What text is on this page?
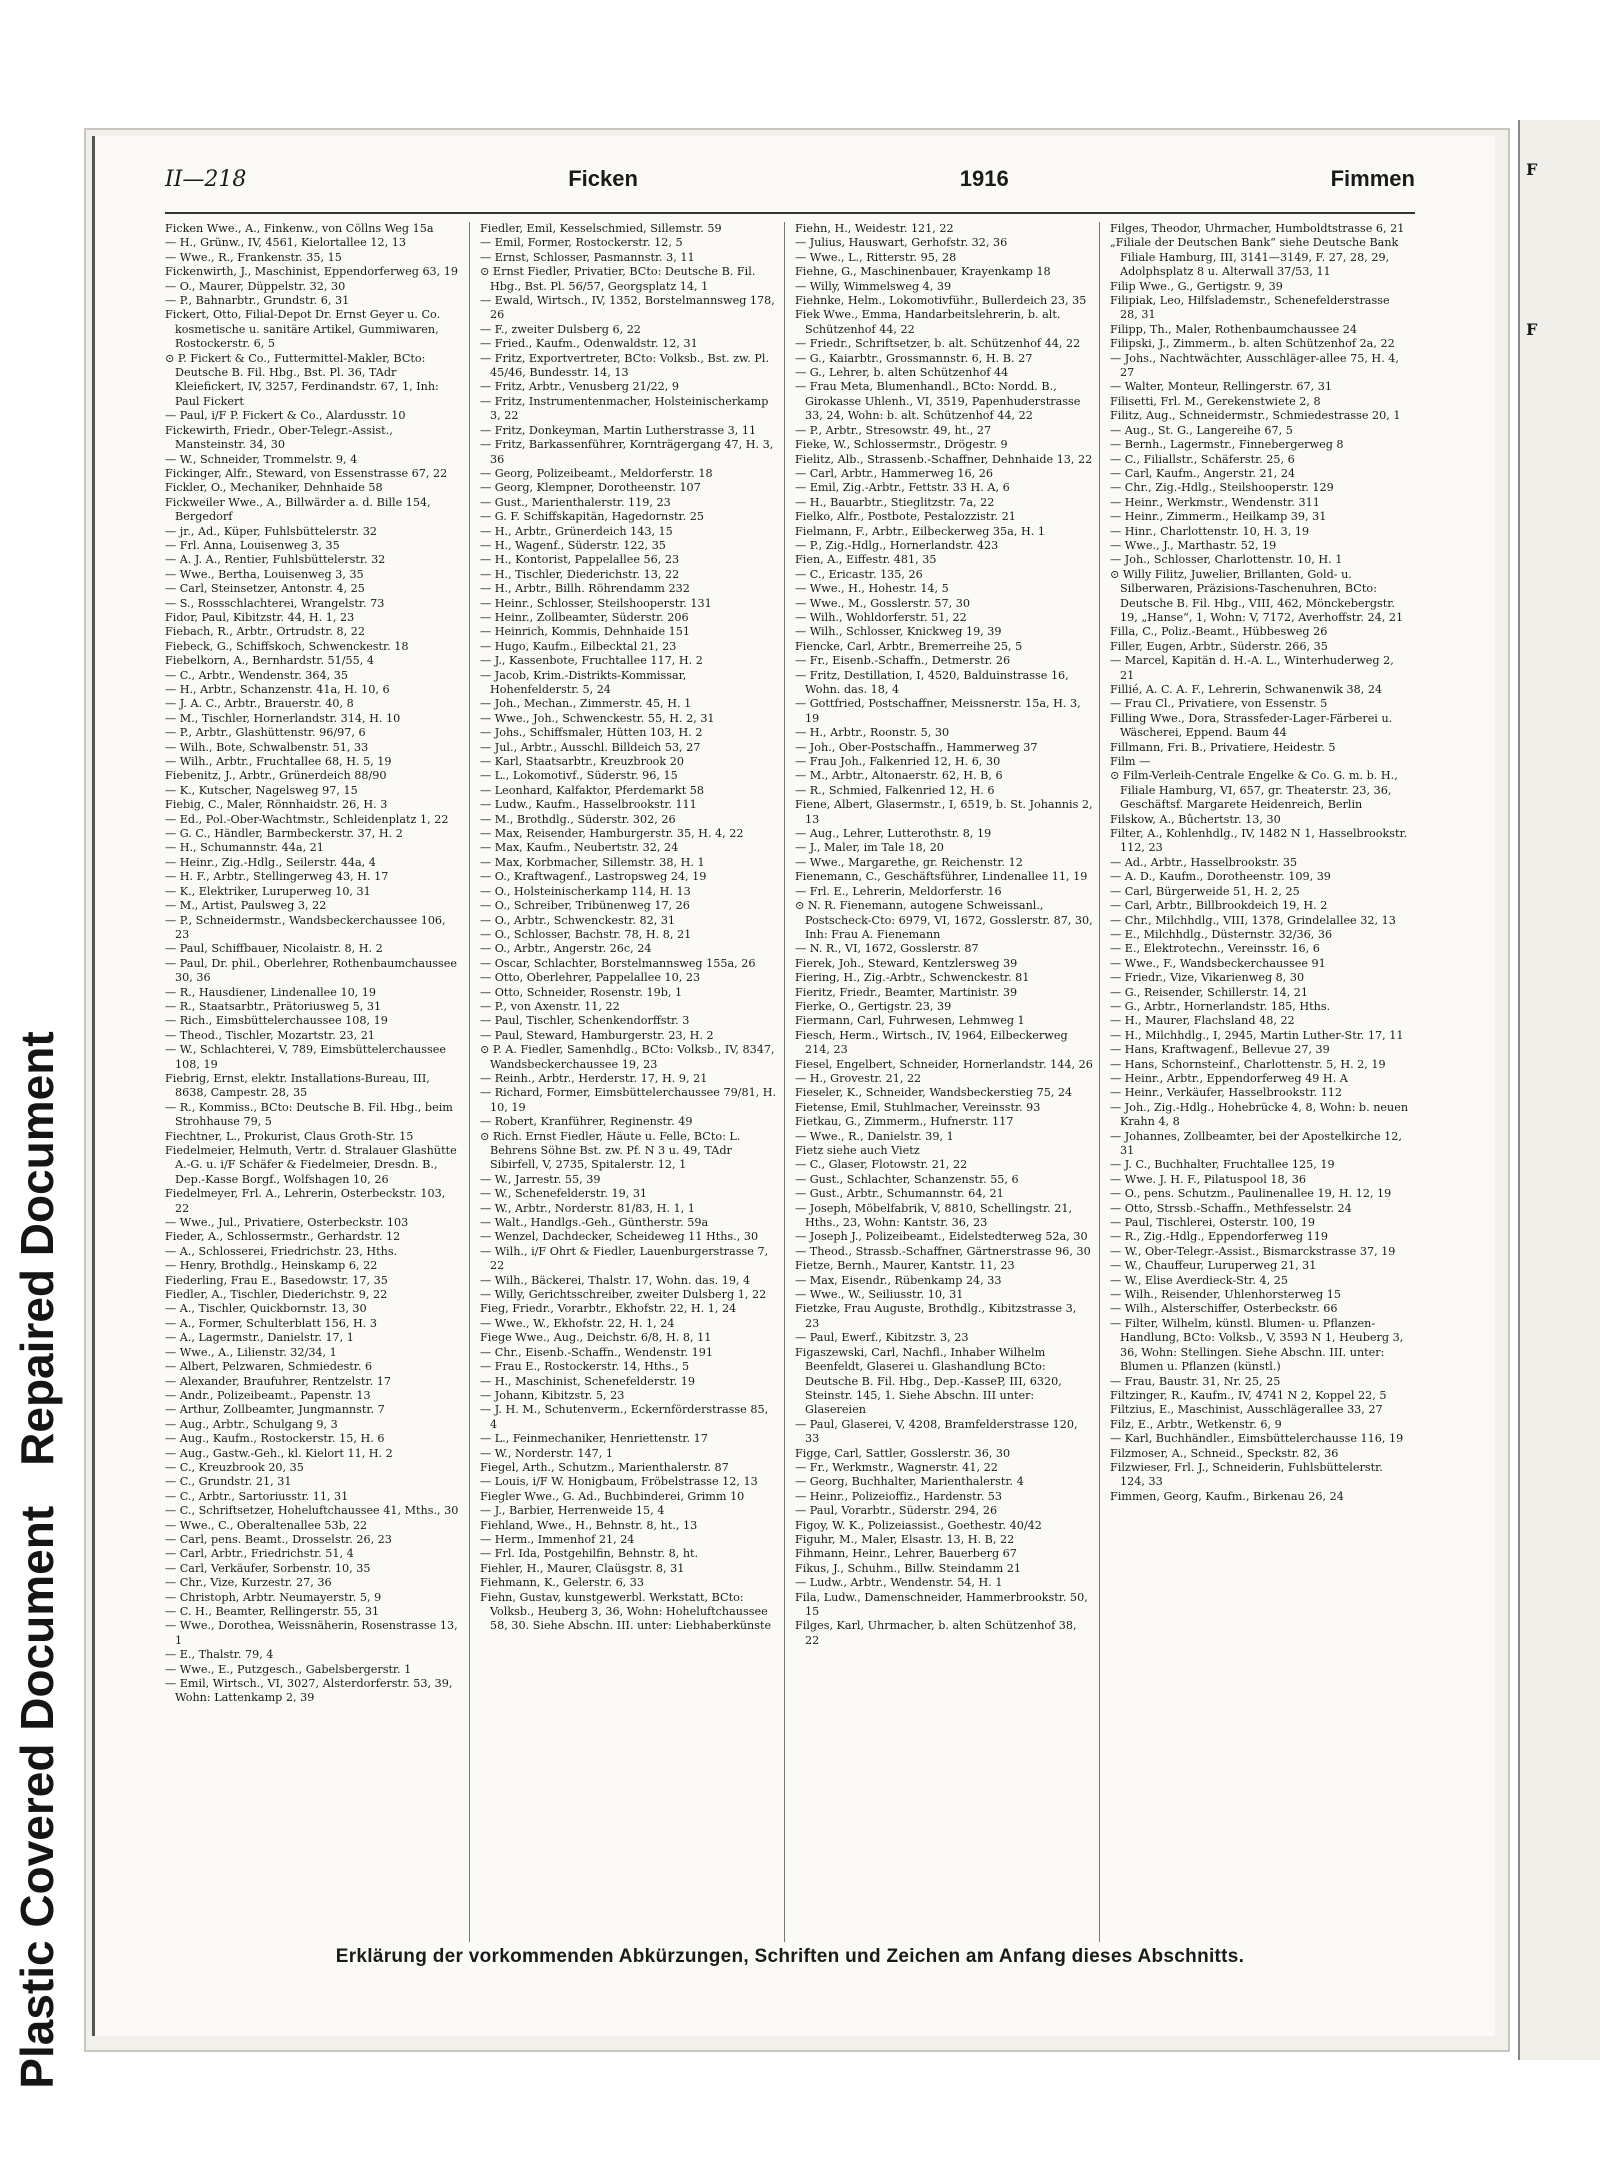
Plastic Covered Document
Repaired Document
II—218	Ficken	1916	Fimmen

Ficken Wwe., A., Finkenw., von Cöllns Weg 15a

— H., Grünw., IV, 4561, Kielortallee 12, 13

— Wwe., R., Frankenstr. 35, 15

Fickenwirth, J., Maschinist, Eppendorferweg 63, 19

— O., Maurer, Düppelstr. 32, 30

— P., Bahnarbtr., Grundstr. 6, 31

Fickert, Otto, Filial-Depot Dr. Ernst Geyer u. Co. kosmetische u. sanitäre Artikel, Gummiwaren, Rostockerstr. 6, 5

⊙ P. Fickert & Co., Futtermittel-Makler, BCto: Deutsche B. Fil. Hbg., Bst. Pl. 36, TAdr Kleiefickert, IV, 3257, Ferdinandstr. 67, 1, Inh: Paul Fickert

— Paul, i/F P. Fickert & Co., Alardusstr. 10

Fickewirth, Friedr., Ober-Telegr.-Assist., Mansteinstr. 34, 30

— W., Schneider, Trommelstr. 9, 4

Fickinger, Alfr., Steward, von Essenstrasse 67, 22

Fickler, O., Mechaniker, Dehnhaide 58

Fickweiler Wwe., A., Billwärder a. d. Bille 154, Bergedorf

— jr., Ad., Küper, Fuhlsbüttelerstr. 32

— Frl. Anna, Louisenweg 3, 35

— A. J. A., Rentier, Fuhlsbüttelerstr. 32

— Wwe., Bertha, Louisenweg 3, 35

— Carl, Steinsetzer, Antonstr. 4, 25

— S., Rossschlachterei, Wrangelstr. 73

Fidor, Paul, Kibitzstr. 44, H. 1, 23

Fiebach, R., Arbtr., Ortrudstr. 8, 22

Fiebeck, G., Schiffskoch, Schwenckestr. 18

Fiebelkorn, A., Bernhardstr. 51/55, 4

— C., Arbtr., Wendenstr. 364, 35

— H., Arbtr., Schanzenstr. 41a, H. 10, 6

— J. A. C., Arbtr., Brauerstr. 40, 8

— M., Tischler, Hornerlandstr. 314, H. 10

— P., Arbtr., Glashüttenstr. 96/97, 6

— Wilh., Bote, Schwalbenstr. 51, 33

— Wilh., Arbtr., Fruchtallee 68, H. 5, 19

Fiebenitz, J., Arbtr., Grünerdeich 88/90

— K., Kutscher, Nagelsweg 97, 15

Fiebig, C., Maler, Rönnhaidstr. 26, H. 3

— Ed., Pol.-Ober-Wachtmstr., Schleidenplatz 1, 22

— G. C., Händler, Barmbeckerstr. 37, H. 2

— H., Schumannstr. 44a, 21

— Heinr., Zig.-Hdlg., Seilerstr. 44a, 4

— H. F., Arbtr., Stellingerweg 43, H. 17

— K., Elektriker, Luruperweg 10, 31

— M., Artist, Paulsweg 3, 22

— P., Schneidermstr., Wandsbeckerchaussee 106, 23

— Paul, Schiffbauer, Nicolaistr. 8, H. 2

— Paul, Dr. phil., Oberlehrer, Rothenbaumchaussee 30, 36

— R., Hausdiener, Lindenallee 10, 19

— R., Staatsarbtr., Prätoriusweg 5, 31

— Rich., Eimsbüttelerchaussee 108, 19

— Theod., Tischler, Mozartstr. 23, 21

— W., Schlachterei, V, 789, Eimsbüttelerchaussee 108, 19

Fiebrig, Ernst, elektr. Installations-Bureau, III, 8638, Campestr. 28, 35

— R., Kommiss., BCto: Deutsche B. Fil. Hbg., beim Strohhause 79, 5

Fiechtner, L., Prokurist, Claus Groth-Str. 15

Fiedelmeier, Helmuth, Vertr. d. Stralauer Glashütte A.-G. u. i/F Schäfer & Fiedelmeier, Dresdn. B., Dep.-Kasse Borgf., Wolfshagen 10, 26

Fiedelmeyer, Frl. A., Lehrerin, Osterbeckstr. 103, 22

— Wwe., Jul., Privatiere, Osterbeckstr. 103

Fieder, A., Schlossermstr., Gerhardstr. 12

— A., Schlosserei, Friedrichstr. 23, Hths.

— Henry, Brothdlg., Heinskamp 6, 22

Fiederling, Frau E., Basedowstr. 17, 35

Fiedler, A., Tischler, Diederichstr. 9, 22

— A., Tischler, Quickbornstr. 13, 30

— A., Former, Schulterblatt 156, H. 3

— A., Lagermstr., Danielstr. 17, 1

— Wwe., A., Lilienstr. 32/34, 1

— Albert, Pelzwaren, Schmiedestr. 6

— Alexander, Braufuhrer, Rentzelstr. 17

— Andr., Polizeibeamt., Papenstr. 13

— Arthur, Zollbeamter, Jungmannstr. 7

— Aug., Arbtr., Schulgang 9, 3

— Aug., Kaufm., Rostockerstr. 15, H. 6

— Aug., Gastw.-Geh., kl. Kielort 11, H. 2

— C., Kreuzbrook 20, 35

— C., Grundstr. 21, 31

— C., Arbtr., Sartoriusstr. 11, 31

— C., Schriftsetzer, Hoheluftchaussee 41, Mths., 30

— Wwe., C., Oberaltenallee 53b, 22

— Carl, pens. Beamt., Drosselstr. 26, 23

— Carl, Arbtr., Friedrichstr. 51, 4

— Carl, Verkäufer, Sorbenstr. 10, 35

— Chr., Vize, Kurzestr. 27, 36

— Christoph, Arbtr. Neumayerstr. 5, 9

— C. H., Beamter, Rellingerstr. 55, 31

— Wwe., Dorothea, Weissnäherin, Rosenstrasse 13, 1

— E., Thalstr. 79, 4

— Wwe., E., Putzgesch., Gabelsbergerstr. 1

— Emil, Wirtsch., VI, 3027, Alsterdorferstr. 53, 39, Wohn: Lattenkamp 2, 39

Fiedler, Emil, Kesselschmied, Sillemstr. 59

— Emil, Former, Rostockerstr. 12, 5

— Ernst, Schlosser, Pasmannstr. 3, 11

⊙ Ernst Fiedler, Privatier, BCto: Deutsche B. Fil. Hbg., Bst. Pl. 56/57, Georgsplatz 14, 1

— Ewald, Wirtsch., IV, 1352, Borstelmannsweg 178, 26

— F., zweiter Dulsberg 6, 22

— Fried., Kaufm., Odenwaldstr. 12, 31

— Fritz, Exportvertreter, BCto: Volksb., Bst. zw. Pl. 45/46, Bundesstr. 14, 13

— Fritz, Arbtr., Venusberg 21/22, 9

— Fritz, Instrumentenmacher, Holsteinischerkamp 3, 22

— Fritz, Donkeyman, Martin Lutherstrasse 3, 11

— Fritz, Barkassenführer, Kornträgergang 47, H. 3, 36

— Georg, Polizeibeamt., Meldorferstr. 18

— Georg, Klempner, Dorotheenstr. 107

— Gust., Marienthalerstr. 119, 23

— G. F. Schiffskapitän, Hagedornstr. 25

— H., Arbtr., Grünerdeich 143, 15

— H., Wagenf., Süderstr. 122, 35

— H., Kontorist, Pappelallee 56, 23

— H., Tischler, Diederichstr. 13, 22

— H., Arbtr., Billh. Röhrendamm 232

— Heinr., Schlosser, Steilshooperstr. 131

— Heinr., Zollbeamter, Süderstr. 206

— Heinrich, Kommis, Dehnhaide 151

— Hugo, Kaufm., Eilbecktal 21, 23

— J., Kassenbote, Fruchtallee 117, H. 2

— Jacob, Krim.-Distrikts-Kommissar, Hohenfelderstr. 5, 24

— Joh., Mechan., Zimmerstr. 45, H. 1

— Wwe., Joh., Schwenckestr. 55, H. 2, 31

— Johs., Schiffsmaler, Hütten 103, H. 2

— Jul., Arbtr., Ausschl. Billdeich 53, 27

— Karl, Staatsarbtr., Kreuzbrook 20

— L., Lokomotivf., Süderstr. 96, 15

— Leonhard, Kalfaktor, Pferdemarkt 58

— Ludw., Kaufm., Hasselbrookstr. 111

— M., Brothdlg., Süderstr. 302, 26

— Max, Reisender, Hamburgerstr. 35, H. 4, 22

— Max, Kaufm., Neubertstr. 32, 24

— Max, Korbmacher, Sillemstr. 38, H. 1

— O., Kraftwagenf., Lastropsweg 24, 19

— O., Holsteinischerkamp 114, H. 13

— O., Schreiber, Tribünenweg 17, 26

— O., Arbtr., Schwenckestr. 82, 31

— O., Schlosser, Bachstr. 78, H. 8, 21

— O., Arbtr., Angerstr. 26c, 24

— Oscar, Schlachter, Borstelmannsweg 155a, 26

— Otto, Oberlehrer, Pappelallee 10, 23

— Otto, Schneider, Rosenstr. 19b, 1

— P., von Axenstr. 11, 22

— Paul, Tischler, Schenkendorffstr. 3

— Paul, Steward, Hamburgerstr. 23, H. 2

⊙ P. A. Fiedler, Samenhdlg., BCto: Volksb., IV, 8347, Wandsbeckerchaussee 19, 23

— Reinh., Arbtr., Herderstr. 17, H. 9, 21

— Richard, Former, Eimsbüttelerchaussee 79/81, H. 10, 19

— Robert, Kranführer, Reginenstr. 49

⊙ Rich. Ernst Fiedler, Häute u. Felle, BCto: L. Behrens Söhne Bst. zw. Pf. N 3 u. 49, TAdr Sibirfell, V, 2735, Spitalerstr. 12, 1

— W., Jarrestr. 55, 39

— W., Schenefelderstr. 19, 31

— W., Arbtr., Norderstr. 81/83, H. 1, 1

— Walt., Handlgs.-Geh., Güntherstr. 59a

— Wenzel, Dachdecker, Scheideweg 11 Hths., 30

— Wilh., i/F Ohrt & Fiedler, Lauenburgerstrasse 7, 22

— Wilh., Bäckerei, Thalstr. 17, Wohn. das. 19, 4

— Willy, Gerichtsschreiber, zweiter Dulsberg 1, 22

Fieg, Friedr., Vorarbtr., Ekhofstr. 22, H. 1, 24

— Wwe., W., Ekhofstr. 22, H. 1, 24

Fiege Wwe., Aug., Deichstr. 6/8, H. 8, 11

— Chr., Eisenb.-Schaffn., Wendenstr. 191

— Frau E., Rostockerstr. 14, Hths., 5

— H., Maschinist, Schenefelderstr. 19

— Johann, Kibitzstr. 5, 23

— J. H. M., Schutenverm., Eckernförderstrasse 85, 4

— L., Feinmechaniker, Henriettenstr. 17

— W., Norderstr. 147, 1

Fiegel, Arth., Schutzm., Marienthalerstr. 87

— Louis, i/F W. Honigbaum, Fröbelstrasse 12, 13

Fiegler Wwe., G. Ad., Buchbinderei, Grimm 10

— J., Barbier, Herrenweide 15, 4

Fiehland, Wwe., H., Behnstr. 8, ht., 13

— Herm., Immenhof 21, 24

— Frl. Ida, Postgehilfin, Behnstr. 8, ht.

Fiehler, H., Maurer, Claüsgstr. 8, 31

Fiehmann, K., Gelerstr. 6, 33

Fiehn, Gustav, kunstgewerbl. Werkstatt, BCto: Volksb., Heuberg 3, 36, Wohn: Hoheluftchaussee 58, 30. Siehe Abschn. III. unter: Liebhaberkünste

Fiehn, H., Weidestr. 121, 22

— Julius, Hauswart, Gerhofstr. 32, 36

— Wwe., L., Ritterstr. 95, 28

Fiehne, G., Maschinenbauer, Krayenkamp 18

— Willy, Wimmelsweg 4, 39

Fiehnke, Helm., Lokomotivführ., Bullerdeich 23, 35

Fiek Wwe., Emma, Handarbeitslehrerin, b. alt. Schützenhof 44, 22

— Friedr., Schriftsetzer, b. alt. Schützenhof 44, 22

— G., Kaiarbtr., Grossmannstr. 6, H. B. 27

— G., Lehrer, b. alten Schützenhof 44

— Frau Meta, Blumenhandl., BCto: Nordd. B., Girokasse Uhlenh., VI, 3519, Papenhuderstrasse 33, 24, Wohn: b. alt. Schützenhof 44, 22

— P., Arbtr., Stresowstr. 49, ht., 27

Fieke, W., Schlossermstr., Drögestr. 9

Fielitz, Alb., Strassenb.-Schaffner, Dehnhaide 13, 22

— Carl, Arbtr., Hammerweg 16, 26

— Emil, Zig.-Arbtr., Fettstr. 33 H. A, 6

— H., Bauarbtr., Stieglitzstr. 7a, 22

Fielko, Alfr., Postbote, Pestalozzistr. 21

Fielmann, F., Arbtr., Eilbeckerweg 35a, H. 1

— P., Zig.-Hdlg., Hornerlandstr. 423

Fien, A., Eiffestr. 481, 35

— C., Ericastr. 135, 26

— Wwe., H., Hohestr. 14, 5

— Wwe., M., Gosslerstr. 57, 30

— Wilh., Wohldorferstr. 51, 22

— Wilh., Schlosser, Knickweg 19, 39

Fiencke, Carl, Arbtr., Bremerreihe 25, 5

— Fr., Eisenb.-Schaffn., Detmerstr. 26

— Fritz, Destillation, I, 4520, Balduinstrasse 16, Wohn. das. 18, 4

— Gottfried, Postschaffner, Meissnerstr. 15a, H. 3, 19

— H., Arbtr., Roonstr. 5, 30

— Joh., Ober-Postschaffn., Hammerweg 37

— Frau Joh., Falkenried 12, H. 6, 30

— M., Arbtr., Altonaerstr. 62, H. B, 6

— R., Schmied, Falkenried 12, H. 6

Fiene, Albert, Glasermstr., I, 6519, b. St. Johannis 2, 13

— Aug., Lehrer, Lutterothstr. 8, 19

— J., Maler, im Tale 18, 20

— Wwe., Margarethe, gr. Reichenstr. 12

Fienemann, C., Geschäftsführer, Lindenallee 11, 19

— Frl. E., Lehrerin, Meldorferstr. 16

⊙ N. R. Fienemann, autogene Schweissanl., Postscheck-Cto: 6979, VI, 1672, Gosslerstr. 87, 30, Inh: Frau A. Fienemann

— N. R., VI, 1672, Gosslerstr. 87

Fierek, Joh., Steward, Kentzlersweg 39

Fiering, H., Zig.-Arbtr., Schwenckestr. 81

Fieritz, Friedr., Beamter, Martinistr. 39

Fierke, O., Gertigstr. 23, 39

Fiermann, Carl, Fuhrwesen, Lehmweg 1

Fiesch, Herm., Wirtsch., IV, 1964, Eilbeckerweg 214, 23

Fiesel, Engelbert, Schneider, Hornerlandstr. 144, 26

— H., Grovestr. 21, 22

Fieseler, K., Schneider, Wandsbeckerstieg 75, 24

Fietense, Emil, Stuhlmacher, Vereinsstr. 93

Fietkau, G., Zimmerm., Hufnerstr. 117

— Wwe., R., Danielstr. 39, 1

Fietz siehe auch Vietz

— C., Glaser, Flotowstr. 21, 22

— Gust., Schlachter, Schanzenstr. 55, 6

— Gust., Arbtr., Schumannstr. 64, 21

— Joseph, Möbelfabrik, V, 8810, Schellingstr. 21, Hths., 23, Wohn: Kantstr. 36, 23

— Joseph J., Polizeibeamt., Eidelstedterweg 52a, 30

— Theod., Strassb.-Schaffner, Gärtnerstrasse 96, 30

Fietze, Bernh., Maurer, Kantstr. 11, 23

— Max, Eisendr., Rübenkamp 24, 33

— Wwe., W., Seiliusstr. 10, 31

Fietzke, Frau Auguste, Brothdlg., Kibitzstrasse 3, 23

— Paul, Ewerf., Kibitzstr. 3, 23

Figaszewski, Carl, Nachfl., Inhaber Wilhelm Beenfeldt, Glaserei u. Glashandlung BCto: Deutsche B. Fil. Hbg., Dep.-KasseP, III, 6320, Steinstr. 145, 1. Siehe Abschn. III unter: Glasereien

— Paul, Glaserei, V, 4208, Bramfelderstrasse 120, 33

Figge, Carl, Sattler, Gosslerstr. 36, 30

— Fr., Werkmstr., Wagnerstr. 41, 22

— Georg, Buchhalter, Marienthalerstr. 4

— Heinr., Polizeioffiz., Hardenstr. 53

— Paul, Vorarbtr., Süderstr. 294, 26

Figoy, W. K., Polizeiassist., Goethestr. 40/42

Figuhr, M., Maler, Elsastr. 13, H. B, 22

Fihmann, Heinr., Lehrer, Bauerberg 67

Fikus, J., Schuhm., Billw. Steindamm 21

— Ludw., Arbtr., Wendenstr. 54, H. 1

Fila, Ludw., Damenschneider, Hammerbrookstr. 50, 15

Filges, Karl, Uhrmacher, b. alten Schützenhof 38, 22

Filges, Theodor, Uhrmacher, Humboldtstrasse 6, 21

„Filiale der Deutschen Bank“ siehe Deutsche Bank Filiale Hamburg, III, 3141—3149, F. 27, 28, 29, Adolphsplatz 8 u. Alterwall 37/53, 11

Filip Wwe., G., Gertigstr. 9, 39

Filipiak, Leo, Hilfslademstr., Schenefelderstrasse 28, 31

Filipp, Th., Maler, Rothenbaumchaussee 24

Filipski, J., Zimmerm., b. alten Schützenhof 2a, 22

— Johs., Nachtwächter, Ausschläger-allee 75, H. 4, 27

— Walter, Monteur, Rellingerstr. 67, 31

Filisetti, Frl. M., Gerekenstwiete 2, 8

Filitz, Aug., Schneidermstr., Schmiedestrasse 20, 1

— Aug., St. G., Langereihe 67, 5

— Bernh., Lagermstr., Finnebergerweg 8

— C., Filiallstr., Schäferstr. 25, 6

— Carl, Kaufm., Angerstr. 21, 24

— Chr., Zig.-Hdlg., Steilshooperstr. 129

— Heinr., Werkmstr., Wendenstr. 311

— Heinr., Zimmerm., Heilkamp 39, 31

— Hinr., Charlottenstr. 10, H. 3, 19

— Wwe., J., Marthastr. 52, 19

— Joh., Schlosser, Charlottenstr. 10, H. 1

⊙ Willy Filitz, Juwelier, Brillanten, Gold- u. Silberwaren, Präzisions-Taschenuhren, BCto: Deutsche B. Fil. Hbg., VIII, 462, Mönckebergstr. 19, „Hanse“, 1, Wohn: V, 7172, Averhoffstr. 24, 21

Filla, C., Poliz.-Beamt., Hübbesweg 26

Filler, Eugen, Arbtr., Süderstr. 266, 35

— Marcel, Kapitän d. H.-A. L., Winterhuderweg 2, 21

Fillié, A. C. A. F., Lehrerin, Schwanenwik 38, 24

— Frau Cl., Privatiere, von Essenstr. 5

Filling Wwe., Dora, Strassfeder-Lager-Färberei u. Wäscherei, Eppend. Baum 44

Fillmann, Fri. B., Privatiere, Heidestr. 5

Film —

⊙ Film-Verleih-Centrale Engelke & Co. G. m. b. H., Filiale Hamburg, VI, 657, gr. Theaterstr. 23, 36, Geschäftsf. Margarete Heidenreich, Berlin

Filskow, A., Bûchertstr. 13, 30

Filter, A., Kohlenhdlg., IV, 1482 N 1, Hasselbrookstr. 112, 23

— Ad., Arbtr., Hasselbrookstr. 35

— A. D., Kaufm., Dorotheenstr. 109, 39

— Carl, Bürgerweide 51, H. 2, 25

— Carl, Arbtr., Billbrookdeich 19, H. 2

— Chr., Milchhdlg., VIII, 1378, Grindelallee 32, 13

— E., Milchhdlg., Düsternstr. 32/36, 36

— E., Elektrotechn., Vereinsstr. 16, 6

— Wwe., F., Wandsbeckerchaussee 91

— Friedr., Vize, Vikarienweg 8, 30

— G., Reisender, Schillerstr. 14, 21

— G., Arbtr., Hornerlandstr. 185, Hths.

— H., Maurer, Flachsland 48, 22

— H., Milchhdlg., I, 2945, Martin Luther-Str. 17, 11

— Hans, Kraftwagenf., Bellevue 27, 39

— Hans, Schornsteinf., Charlottenstr. 5, H. 2, 19

— Heinr., Arbtr., Eppendorferweg 49 H. A

— Heinr., Verkäufer, Hasselbrookstr. 112

— Joh., Zig.-Hdlg., Hohebrücke 4, 8, Wohn: b. neuen Krahn 4, 8

— Johannes, Zollbeamter, bei der Apostelkirche 12, 31

— J. C., Buchhalter, Fruchtallee 125, 19

— Wwe. J. H. F., Pilatuspool 18, 36

— O., pens. Schutzm., Paulinenallee 19, H. 12, 19

— Otto, Strssb.-Schaffn., Methfesselstr. 24

— Paul, Tischlerei, Osterstr. 100, 19

— R., Zig.-Hdlg., Eppendorferweg 119

— W., Ober-Telegr.-Assist., Bismarckstrasse 37, 19

— W., Chauffeur, Luruperweg 21, 31

— W., Elise Averdieck-Str. 4, 25

— Wilh., Reisender, Uhlenhorsterweg 15

— Wilh., Alsterschiffer, Osterbeckstr. 66

— Filter, Wilhelm, künstl. Blumen- u. Pflanzen-Handlung, BCto: Volksb., V, 3593 N 1, Heuberg 3, 36, Wohn: Stellingen. Siehe Abschn. III. unter: Blumen u. Pflanzen (künstl.)

— Frau, Baustr. 31, Nr. 25, 25

Filtzinger, R., Kaufm., IV, 4741 N 2, Koppel 22, 5

Filtzius, E., Maschinist, Ausschlägerallee 33, 27

Filz, E., Arbtr., Wetkenstr. 6, 9

— Karl, Buchhändler., Eimsbüttelerchausse 116, 19

Filzmoser, A., Schneid., Speckstr. 82, 36

Filzwieser, Frl. J., Schneiderin, Fuhlsbüttelerstr. 124, 33

Fimmen, Georg, Kaufm., Birkenau 26, 24

Erklärung der vorkommenden Abkürzungen, Schriften und Zeichen am Anfang dieses Abschnitts.
F
F
